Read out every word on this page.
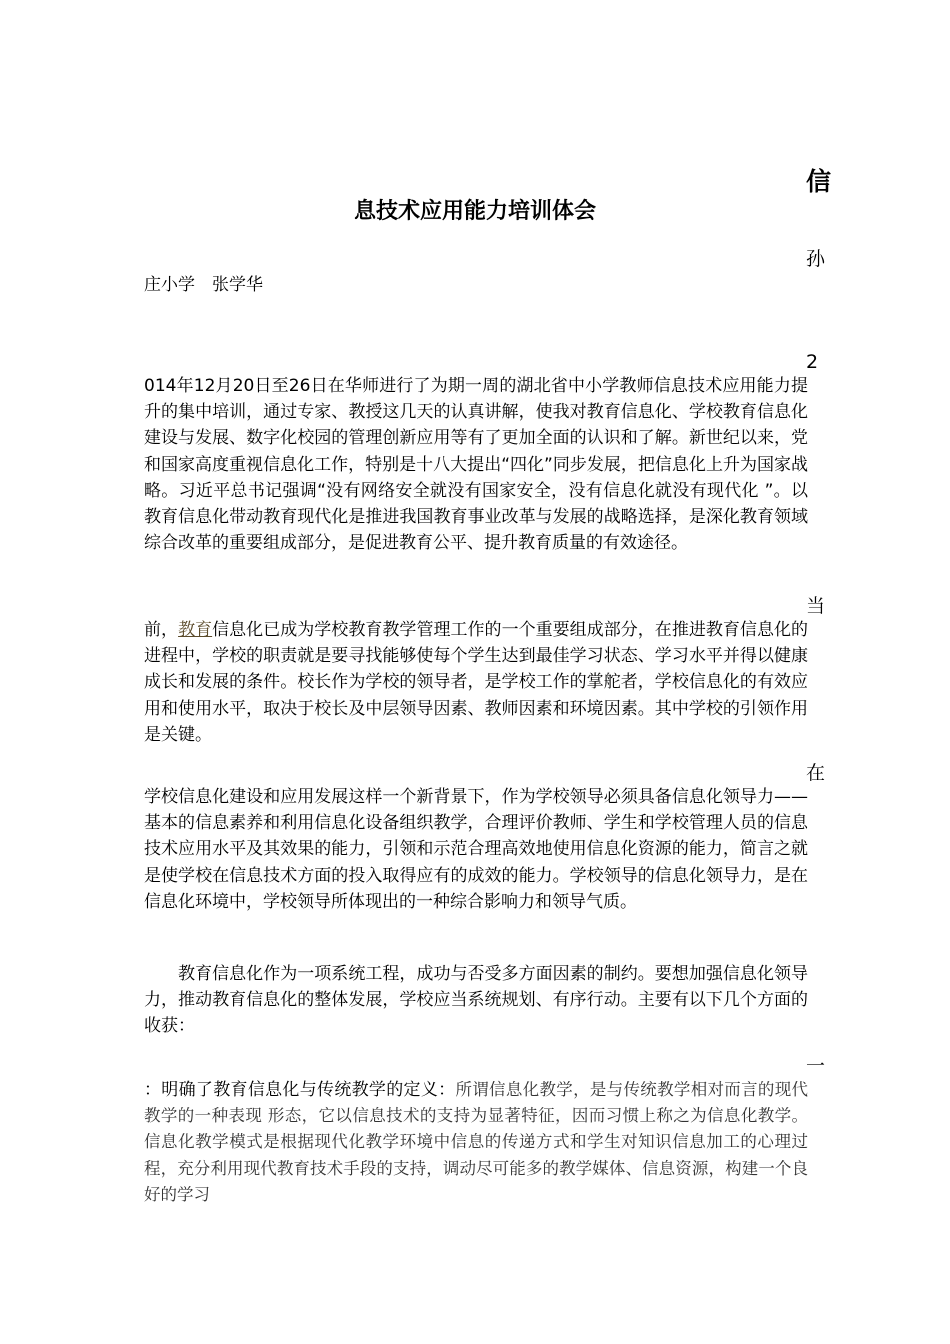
信
息技术应用能力培训体会
孙
庄小学　张学华
2

014年12月20日至26日在华师进行了为期一周的湖北省中小学教师信息技术应用能力提升的集中培训，通过专家、教授这几天的认真讲解，使我对教育信息化、学校教育信息化建设与发展、数字化校园的管理创新应用等有了更加全面的认识和了解。新世纪以来，党和国家高度重视信息化工作，特别是十八大提出“四化”同步发展，把信息化上升为国家战略。习近平总书记强调“没有网络安全就没有国家安全，没有信息化就没有现代化 ”。以教育信息化带动教育现代化是推进我国教育事业改革与发展的战略选择，是深化教育领域综合改革的重要组成部分，是促进教育公平、提升教育质量的有效途径。

当

前，教育信息化已成为学校教育教学管理工作的一个重要组成部分，在推进教育信息化的进程中，学校的职责就是要寻找能够使每个学生达到最佳学习状态、学习水平并得以健康成长和发展的条件。校长作为学校的领导者，是学校工作的掌舵者，学校信息化的有效应用和使用水平，取决于校长及中层领导因素、教师因素和环境因素。其中学校的引领作用是关键。

在

学校信息化建设和应用发展这样一个新背景下，作为学校领导必须具备信息化领导力——基本的信息素养和利用信息化设备组织教学，合理评价教师、学生和学校管理人员的信息技术应用水平及其效果的能力，引领和示范合理高效地使用信息化资源的能力，简言之就是使学校在信息技术方面的投入取得应有的成效的能力。学校领导的信息化领导力，是在信息化环境中，学校领导所体现出的一种综合影响力和领导气质。

　　教育信息化作为一项系统工程，成功与否受多方面因素的制约。要想加强信息化领导力，推动教育信息化的整体发展，学校应当系统规划、有序行动。主要有以下几个方面的收获：

一

：明确了教育信息化与传统教学的定义：所谓信息化教学，是与传统教学相对而言的现代教学的一种表现 形态，它以信息技术的支持为显著特征，因而习惯上称之为信息化教学。信息化教学模式是根据现代化教学环境中信息的传递方式和学生对知识信息加工的心理过程，充分利用现代教育技术手段的支持，调动尽可能多的教学媒体、信息资源，构建一个良好的学习
